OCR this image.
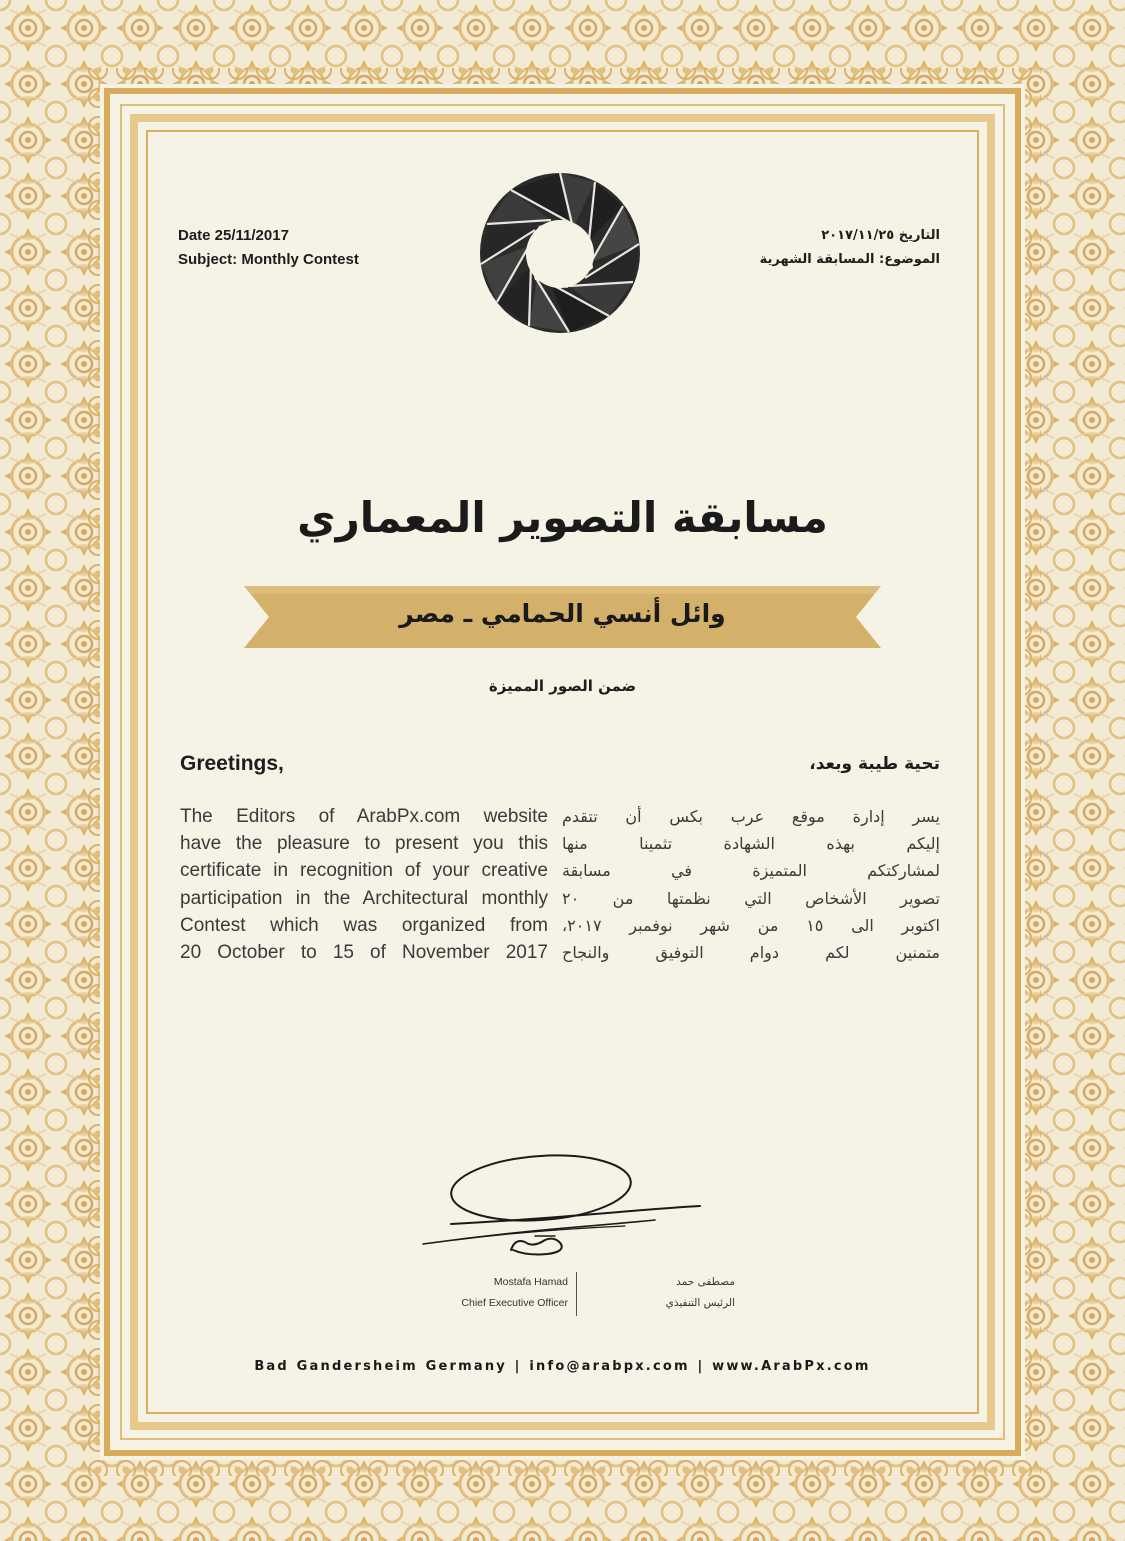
Date 25/11/2017
Subject: Monthly Contest
التاريخ ٢٠١٧/١١/٢٥
الموضوع: المسابقة الشهرية
مسابقة التصوير المعماري
وائل أنسي الحمامي ـ مصر
ضمن الصور المميزة
Greetings,	تحية طيبة وبعد،
The Editors of ArabPx.com website
have the pleasure to present you this
certificate in recognition of your creative
participation in the Architectural monthly
Contest which was organized from
20 October to 15 of November 2017
يسر إدارة موقع عرب بكس أن تتقدم
إليكم بهذه الشهادة تثمينا منها
لمشاركتكم المتميزة في مسابقة
تصوير الأشخاص التي نظمتها من ٢٠
اكتوبر الى ١٥ من شهر نوفمبر ٢٠١٧،
متمنين لكم دوام التوفيق والنجاح
Mostafa Hamad
Chief Executive Officer
مصطفى حمد
الرئيس التنفيذي
Bad Gandersheim Germany | info@arabpx.com | www.ArabPx.com
